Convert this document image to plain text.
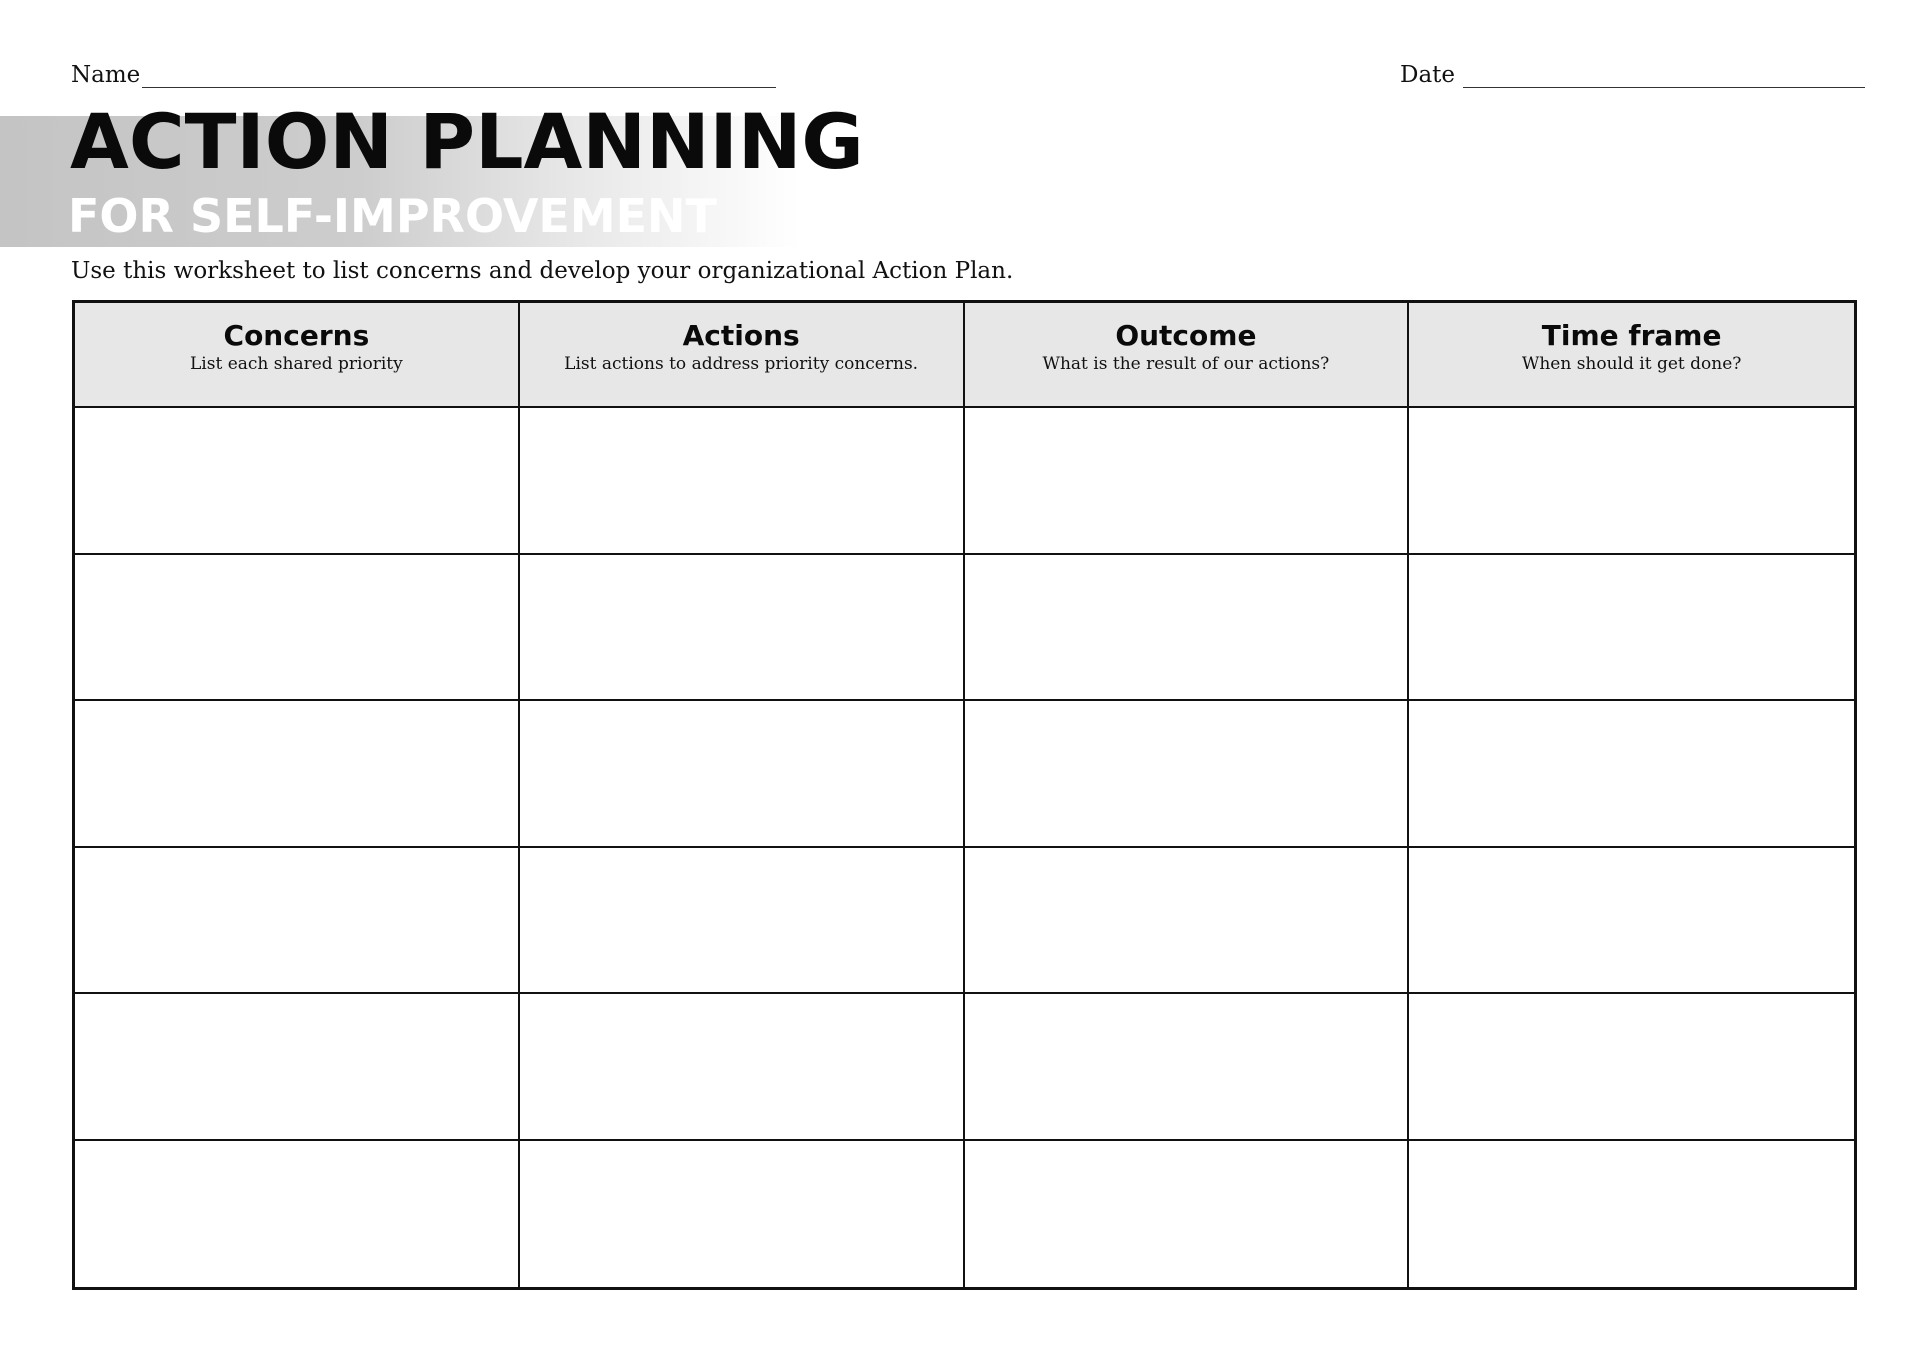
Name	Date
ACTION PLANNING
FOR SELF-IMPROVEMENT
Use this worksheet to list concerns and develop your organizational Action Plan.
Concerns
List each shared priority
Actions
List actions to address priority concerns.
Outcome
What is the result of our actions?
Time frame
When should it get done?
